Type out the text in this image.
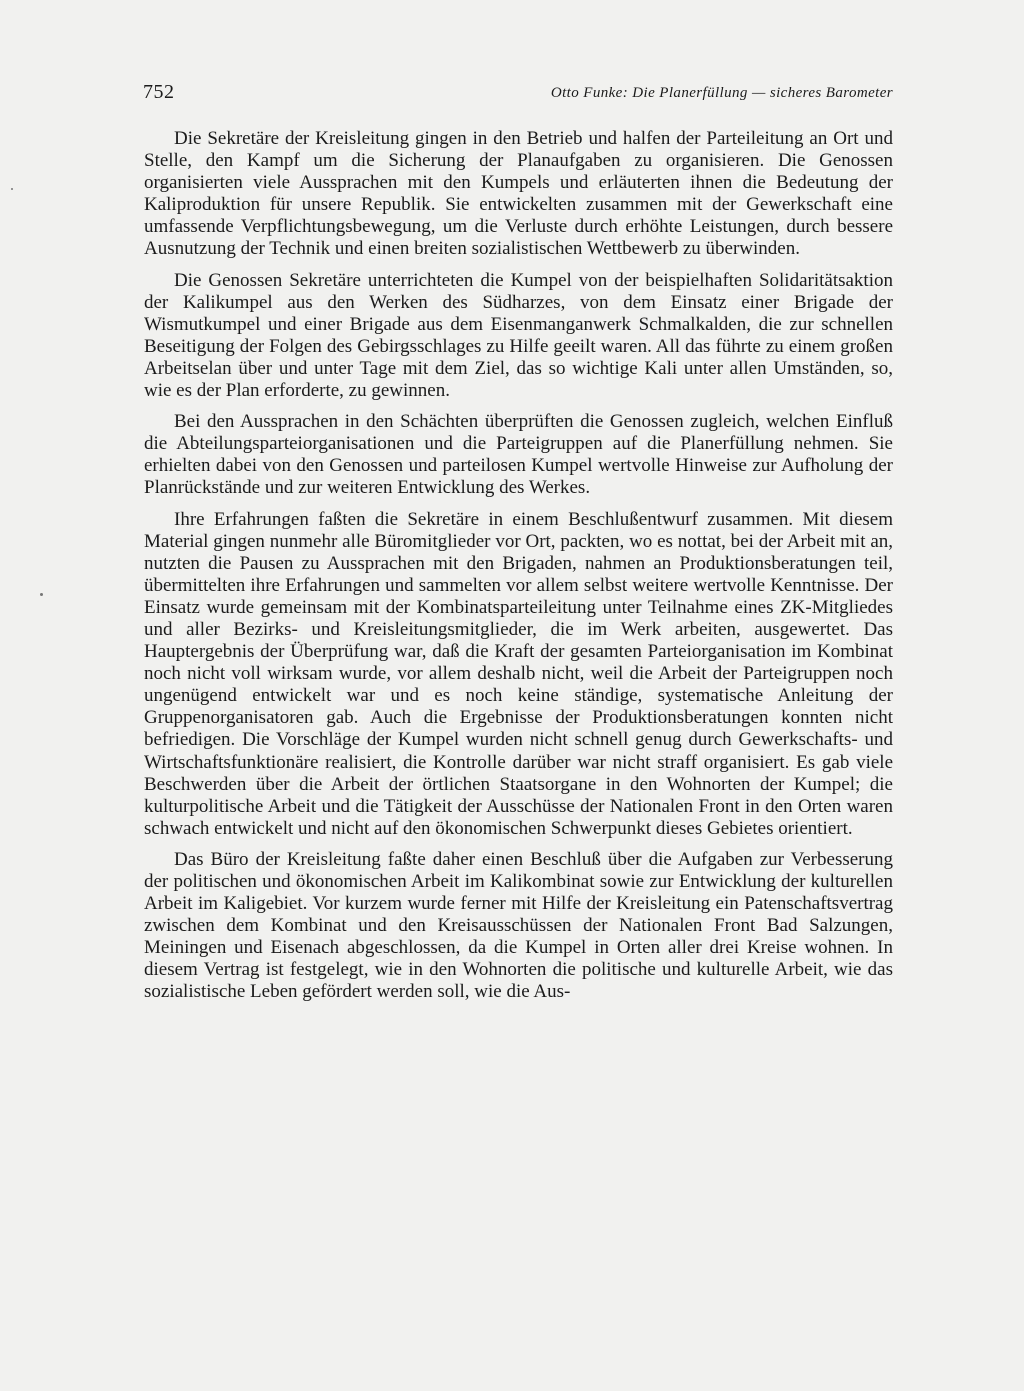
752	Otto Funke: Die Planerfüllung — sicheres Barometer

Die Sekretäre der Kreisleitung gingen in den Betrieb und halfen der Parteileitung an Ort und Stelle, den Kampf um die Sicherung der Planaufgaben zu organisieren. Die Genossen organisierten viele Aussprachen mit den Kumpels und erläuterten ihnen die Bedeutung der Kaliproduktion für unsere Republik. Sie entwickelten zusammen mit der Gewerkschaft eine umfassende Verpflichtungsbewegung, um die Verluste durch erhöhte Leistungen, durch bessere Ausnutzung der Technik und einen breiten sozialistischen Wettbewerb zu überwinden.

Die Genossen Sekretäre unterrichteten die Kumpel von der beispielhaften Solidaritätsaktion der Kalikumpel aus den Werken des Südharzes, von dem Einsatz einer Brigade der Wismutkumpel und einer Brigade aus dem Eisenmanganwerk Schmalkalden, die zur schnellen Beseitigung der Folgen des Gebirgsschlages zu Hilfe geeilt waren. All das führte zu einem großen Arbeitselan über und unter Tage mit dem Ziel, das so wichtige Kali unter allen Umständen, so, wie es der Plan erforderte, zu gewinnen.

Bei den Aussprachen in den Schächten überprüften die Genossen zugleich, welchen Einfluß die Abteilungsparteiorganisationen und die Parteigruppen auf die Planerfüllung nehmen. Sie erhielten dabei von den Genossen und parteilosen Kumpel wertvolle Hinweise zur Aufholung der Planrückstände und zur weiteren Entwicklung des Werkes.

Ihre Erfahrungen faßten die Sekretäre in einem Beschlußentwurf zusammen. Mit diesem Material gingen nunmehr alle Büromitglieder vor Ort, packten, wo es nottat, bei der Arbeit mit an, nutzten die Pausen zu Aussprachen mit den Brigaden, nahmen an Produktionsberatungen teil, übermittelten ihre Erfahrungen und sammelten vor allem selbst weitere wertvolle Kenntnisse. Der Einsatz wurde gemeinsam mit der Kombinatsparteileitung unter Teilnahme eines ZK-Mitgliedes und aller Bezirks- und Kreisleitungsmitglieder, die im Werk arbeiten, ausgewertet. Das Hauptergebnis der Überprüfung war, daß die Kraft der gesamten Parteiorganisation im Kombinat noch nicht voll wirksam wurde, vor allem deshalb nicht, weil die Arbeit der Parteigruppen noch ungenügend entwickelt war und es noch keine ständige, systematische Anleitung der Gruppenorganisatoren gab. Auch die Ergebnisse der Produktionsberatungen konnten nicht befriedigen. Die Vorschläge der Kumpel wurden nicht schnell genug durch Gewerkschafts- und Wirtschaftsfunktionäre realisiert, die Kontrolle darüber war nicht straff organisiert. Es gab viele Beschwerden über die Arbeit der örtlichen Staatsorgane in den Wohnorten der Kumpel; die kulturpolitische Arbeit und die Tätigkeit der Ausschüsse der Nationalen Front in den Orten waren schwach entwickelt und nicht auf den ökonomischen Schwerpunkt dieses Gebietes orientiert.

Das Büro der Kreisleitung faßte daher einen Beschluß über die Aufgaben zur Verbesserung der politischen und ökonomischen Arbeit im Kalikombinat sowie zur Entwicklung der kulturellen Arbeit im Kaligebiet. Vor kurzem wurde ferner mit Hilfe der Kreisleitung ein Patenschaftsvertrag zwischen dem Kombinat und den Kreisausschüssen der Nationalen Front Bad Salzungen, Meiningen und Eisenach abgeschlossen, da die Kumpel in Orten aller drei Kreise wohnen. In diesem Vertrag ist festgelegt, wie in den Wohnorten die politische und kulturelle Arbeit, wie das sozialistische Leben gefördert werden soll, wie die Aus-
